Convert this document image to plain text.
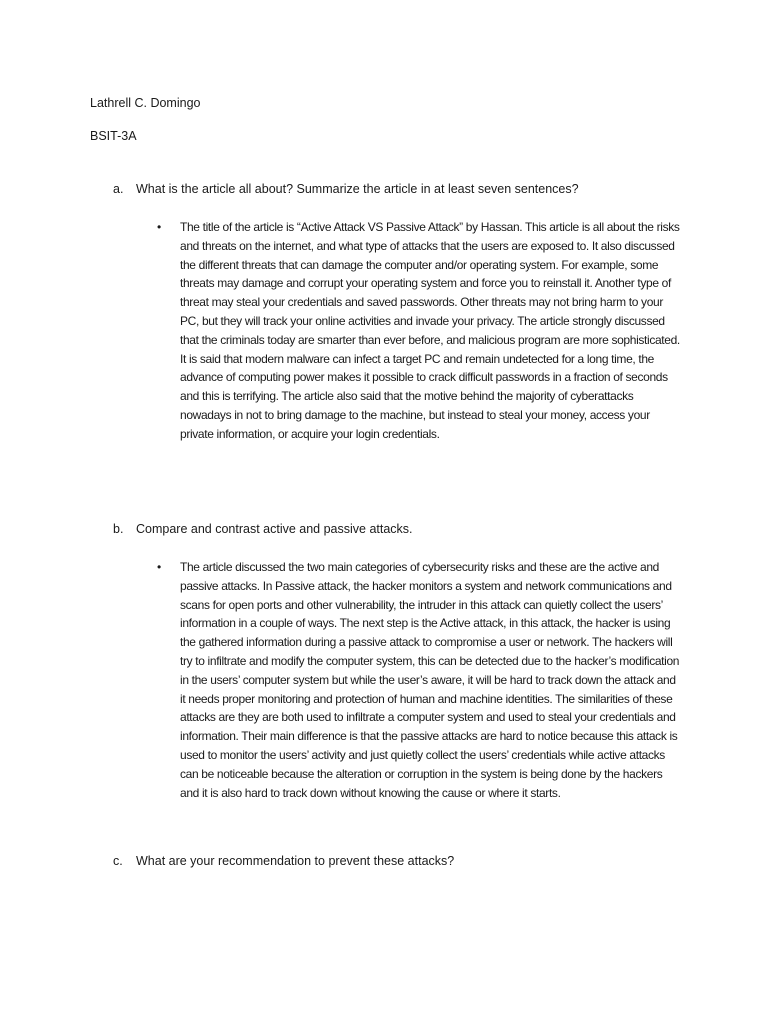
Lathrell C. Domingo
BSIT-3A
a. What is the article all about? Summarize the article in at least seven sentences?
• The title of the article is “Active Attack VS Passive Attack” by Hassan. This article is all about the risks and threats on the internet, and what type of attacks that the users are exposed to. It also discussed the different threats that can damage the computer and/or operating system. For example, some threats may damage and corrupt your operating system and force you to reinstall it. Another type of threat may steal your credentials and saved passwords. Other threats may not bring harm to your PC, but they will track your online activities and invade your privacy. The article strongly discussed that the criminals today are smarter than ever before, and malicious program are more sophisticated. It is said that modern malware can infect a target PC and remain undetected for a long time, the advance of computing power makes it possible to crack difficult passwords in a fraction of seconds and this is terrifying. The article also said that the motive behind the majority of cyberattacks nowadays in not to bring damage to the machine, but instead to steal your money, access your private information, or acquire your login credentials.
b. Compare and contrast active and passive attacks.
• The article discussed the two main categories of cybersecurity risks and these are the active and passive attacks. In Passive attack, the hacker monitors a system and network communications and scans for open ports and other vulnerability, the intruder in this attack can quietly collect the users’ information in a couple of ways. The next step is the Active attack, in this attack, the hacker is using the gathered information during a passive attack to compromise a user or network. The hackers will try to infiltrate and modify the computer system, this can be detected due to the hacker’s modification in the users’ computer system but while the user’s aware, it will be hard to track down the attack and it needs proper monitoring and protection of human and machine identities. The similarities of these attacks are they are both used to infiltrate a computer system and used to steal your credentials and information. Their main difference is that the passive attacks are hard to notice because this attack is used to monitor the users’ activity and just quietly collect the users’ credentials while active attacks can be noticeable because the alteration or corruption in the system is being done by the hackers and it is also hard to track down without knowing the cause or where it starts.
c. What are your recommendation to prevent these attacks?
